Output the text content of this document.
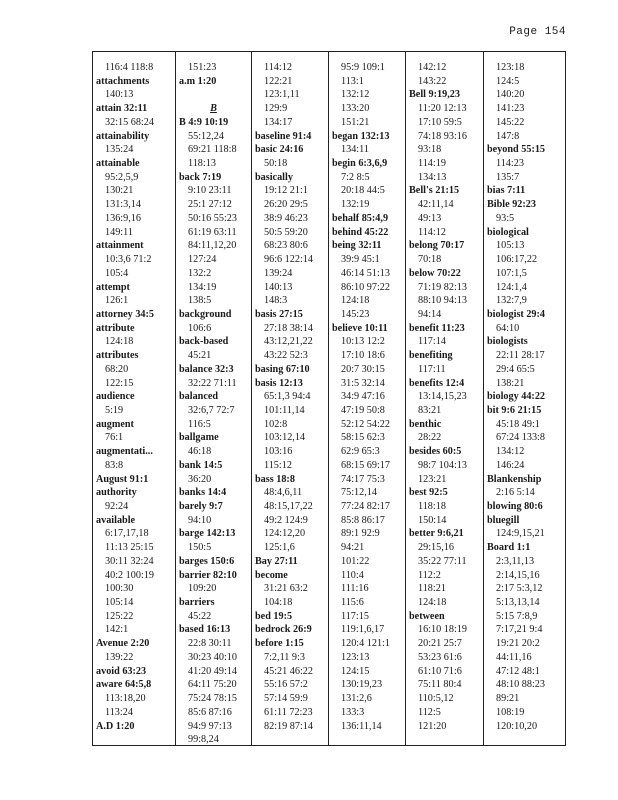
Page 154
116:4 118:8
attachments
140:13
attain 32:11
32:15 68:24
attainability
135:24
attainable
95:2,5,9
130:21
131:3,14
136:9,16
149:11
attainment
10:3,6 71:2
105:4
attempt
126:1
attorney 34:5
attribute
124:18
attributes
68:20
122:15
audience
5:19
augment
76:1
augmentati...
83:8
August 91:1
authority
92:24
available
6:17,17,18
11:13 25:15
30:11 32:24
40:2 100:19
100:30
105:14
125:22
142:1
Avenue 2:20
139:22
avoid 63:23
aware 64:5,8
113:18,20
113:24
A.D 1:20
151:23
a.m 1:20

B
B 4:9 10:19
55:12,24
69:21 118:8
118:13
back 7:19
9:10 23:11
25:1 27:12
50:16 55:23
61:19 63:11
84:11,12,20
127:24
132:2
134:19
138:5
background
106:6
back-based
45:21
balance 32:3
32:22 71:11
balanced
32:6,7 72:7
116:5
ballgame
46:18
bank 14:5
36:20
banks 14:4
barely 9:7
94:10
barge 142:13
150:5
barges 150:6
barrier 82:10
109:20
barriers
45:22
based 16:13
22:8 30:11
30:23 40:10
41:20 49:14
64:11 75:20
75:24 78:15
85:6 87:16
94:9 97:13
99:8,24
114:12
122:21
123:1,11
129:9
134:17
baseline 91:4
basic 24:16
50:18
basically
19:12 21:1
26:20 29:5
38:9 46:23
50:5 59:20
68:23 80:6
96:6 122:14
139:24
140:13
148:3
basis 27:15
27:18 38:14
43:12,21,22
43:22 52:3
basing 67:10
basis 12:13
65:1,3 94:4
101:11,14
102:8
103:12,14
103:16
115:12
bass 18:8
48:4,6,11
48:15,17,22
49:2 124:9
124:12,20
125:1,6
Bay 27:11
become
31:21 63:2
104:18
bed 19:5
bedrock 26:9
before 1:15
7:2,11 9:3
45:21 46:22
55:16 57:2
57:14 59:9
61:11 72:23
82:19 87:14
95:9 109:1
113:1
132:12
133:20
151:21
began 132:13
134:11
begin 6:3,6,9
7:2 8:5
20:18 44:5
132:19
behalf 85:4,9
behind 45:22
being 32:11
39:9 45:1
46:14 51:13
86:10 97:22
124:18
145:23
believe 10:11
10:13 12:2
17:10 18:6
20:7 30:15
31:5 32:14
34:9 47:16
47:19 50:8
52:12 54:22
58:15 62:3
62:9 65:3
68:15 69:17
74:17 75:3
75:12,14
77:24 82:17
85:8 86:17
89:1 92:9
94:21
101:22
110:4
111:16
115:6
117:15
119:1,6,17
120:4 121:1
123:13
124:15
130:19,23
131:2,6
133:3
136:11,14
142:12
143:22
Bell 9:19,23
11:20 12:13
17:10 59:5
74:18 93:16
93:18
114:19
134:13
Bell's 21:15
42:11,14
49:13
114:12
belong 70:17
70:18
below 70:22
71:19 82:13
88:10 94:13
94:14
benefit 11:23
117:14
benefiting
117:11
benefits 12:4
13:14,15,23
83:21
benthic
28:22
besides 60:5
98:7 104:13
123:21
best 92:5
118:18
150:14
better 9:6,21
29:15,16
35:22 77:11
112:2
118:21
124:18
between
16:10 18:19
20:21 25:7
53:23 61:6
61:10 71:6
75:11 80:4
110:5,12
112:5
121:20
123:18
124:5
140:20
141:23
145:22
147:8
beyond 55:15
114:23
135:7
bias 7:11
Bible 92:23
93:5
biological
105:13
106:17,22
107:1,5
124:1,4
132:7,9
biologist 29:4
64:10
biologists
22:11 28:17
29:4 65:5
138:21
biology 44:22
bit 9:6 21:15
45:18 49:1
67:24 133:8
134:12
146:24
Blankenship
2:16 5:14
blowing 80:6
bluegill
124:9,15,21
Board 1:1
2:3,11,13
2:14,15,16
2:17 5:3,12
5:13,13,14
5:15 7:8,9
7:17,21 9:4
19:21 20:2
44:11,16
47:12 48:1
48:10 88:23
89:21
108:19
120:10,20
